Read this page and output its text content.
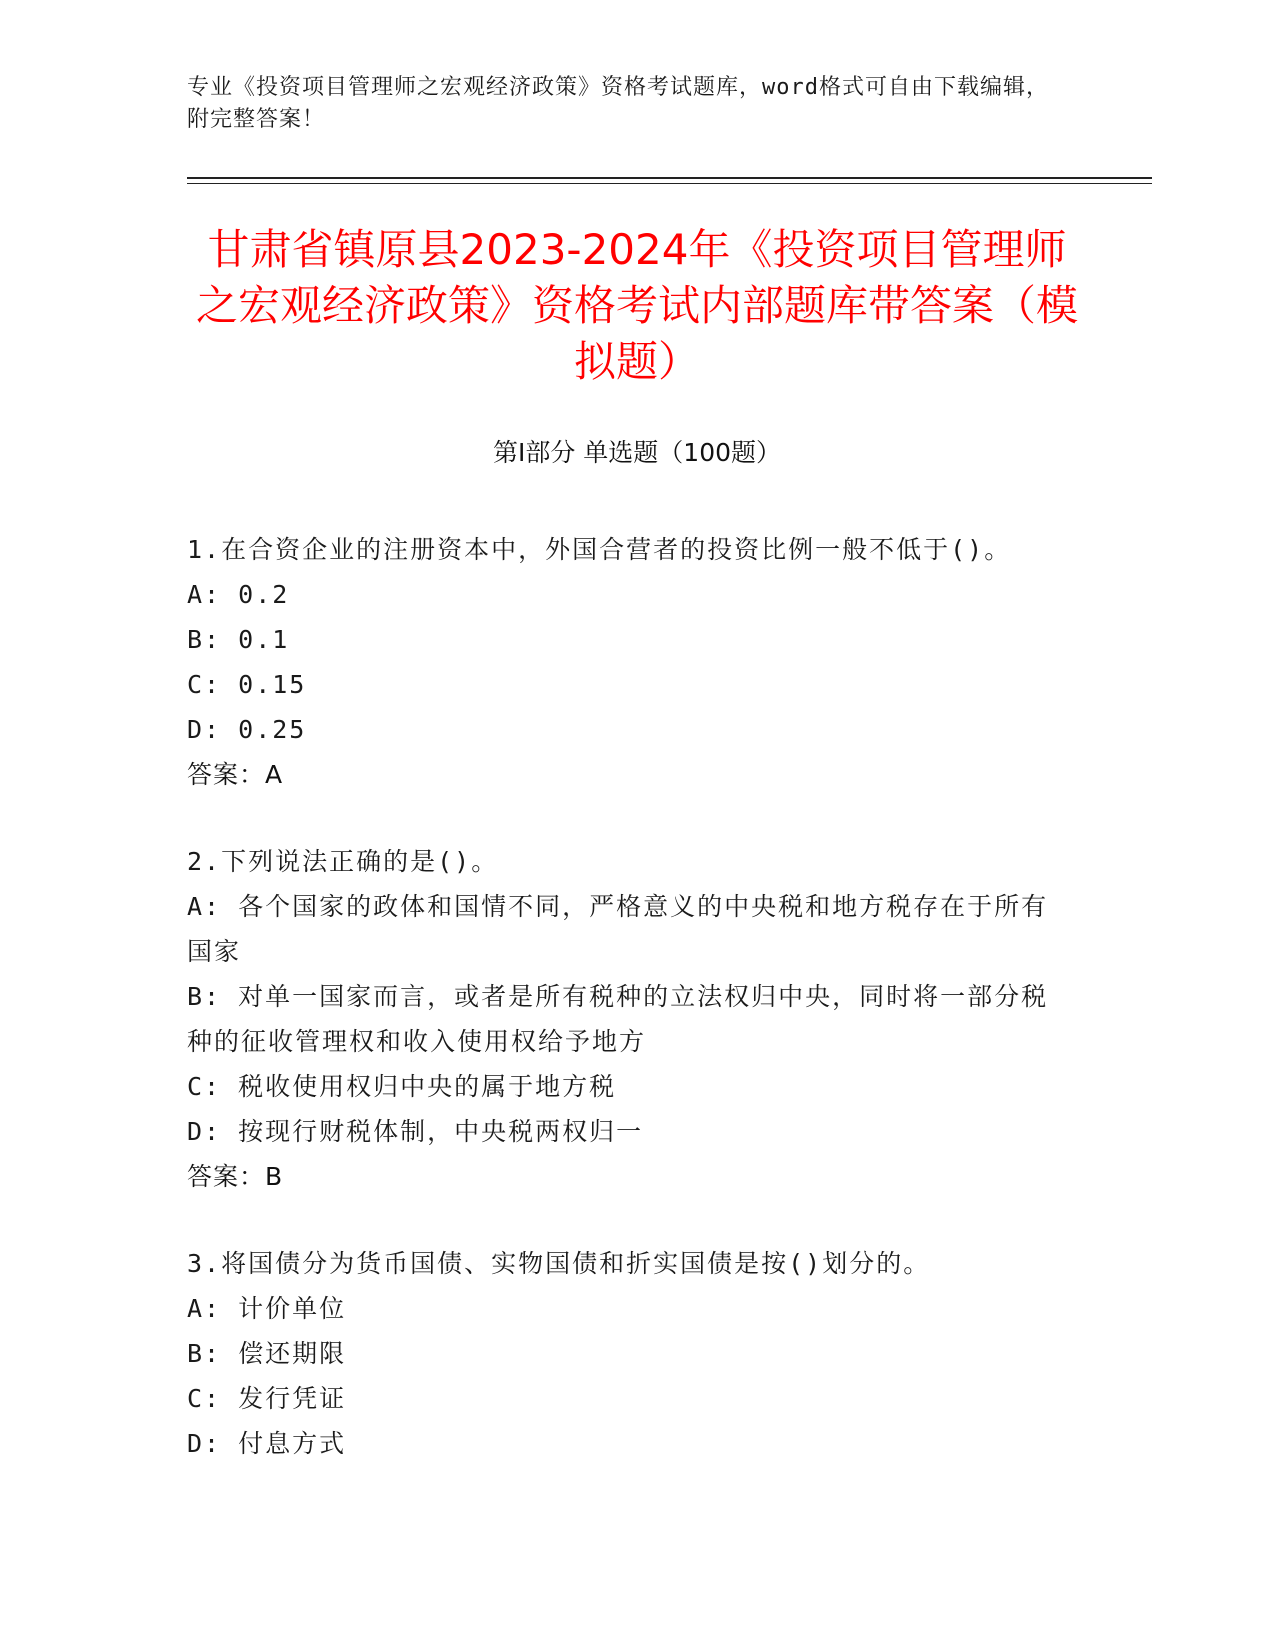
专业《投资项目管理师之宏观经济政策》资格考试题库，word格式可自由下载编辑，附完整答案！
甘肃省镇原县2023-2024年《投资项目管理师之宏观经济政策》资格考试内部题库带答案（模拟题）
第Ⅰ部分 单选题（100题）
1.在合资企业的注册资本中，外国合营者的投资比例一般不低于()。
A: 0.2
B: 0.1
C: 0.15
D: 0.25
答案：A
2.下列说法正确的是()。
A: 各个国家的政体和国情不同，严格意义的中央税和地方税存在于所有国家
B: 对单一国家而言，或者是所有税种的立法权归中央，同时将一部分税种的征收管理权和收入使用权给予地方
C: 税收使用权归中央的属于地方税
D: 按现行财税体制，中央税两权归一
答案：B
3.将国债分为货币国债、实物国债和折实国债是按()划分的。
A: 计价单位
B: 偿还期限
C: 发行凭证
D: 付息方式
